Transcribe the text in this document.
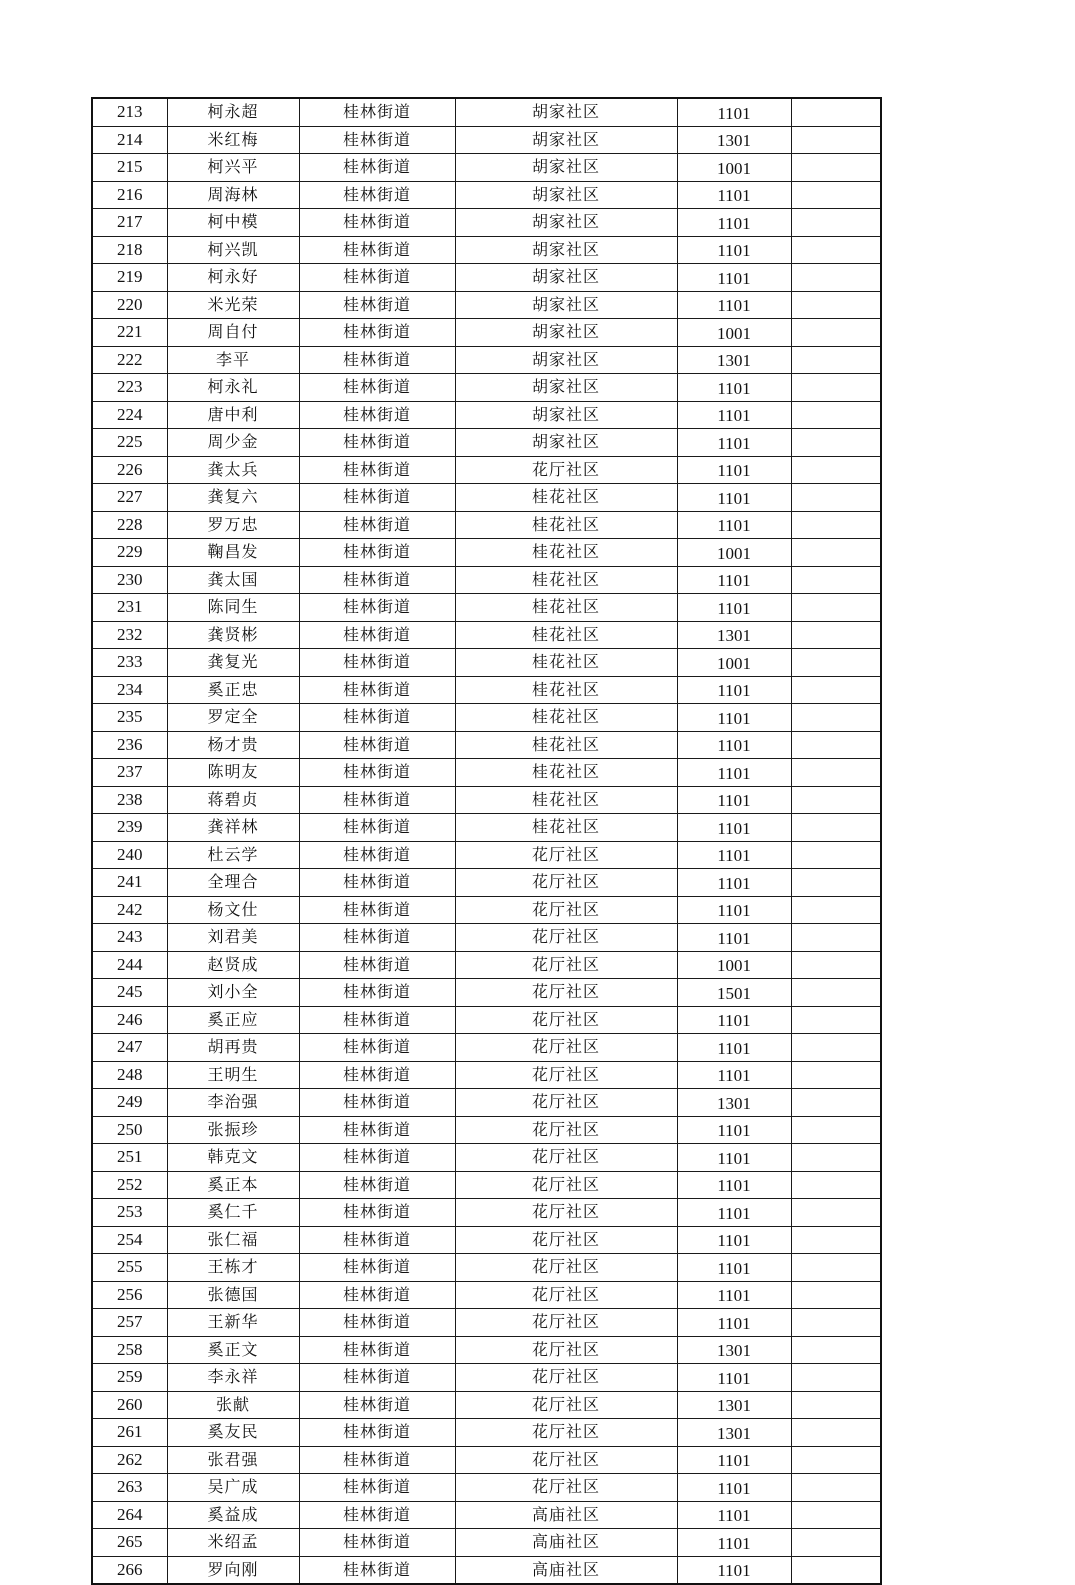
213	柯永超	桂林街道	胡家社区	1101	
214	米红梅	桂林街道	胡家社区	1301	
215	柯兴平	桂林街道	胡家社区	1001	
216	周海林	桂林街道	胡家社区	1101	
217	柯中模	桂林街道	胡家社区	1101	
218	柯兴凯	桂林街道	胡家社区	1101	
219	柯永好	桂林街道	胡家社区	1101	
220	米光荣	桂林街道	胡家社区	1101	
221	周自付	桂林街道	胡家社区	1001	
222	李平	桂林街道	胡家社区	1301	
223	柯永礼	桂林街道	胡家社区	1101	
224	唐中利	桂林街道	胡家社区	1101	
225	周少金	桂林街道	胡家社区	1101	
226	龚太兵	桂林街道	花厅社区	1101	
227	龚复六	桂林街道	桂花社区	1101	
228	罗万忠	桂林街道	桂花社区	1101	
229	鞠昌发	桂林街道	桂花社区	1001	
230	龚太国	桂林街道	桂花社区	1101	
231	陈同生	桂林街道	桂花社区	1101	
232	龚贤彬	桂林街道	桂花社区	1301	
233	龚复光	桂林街道	桂花社区	1001	
234	奚正忠	桂林街道	桂花社区	1101	
235	罗定全	桂林街道	桂花社区	1101	
236	杨才贵	桂林街道	桂花社区	1101	
237	陈明友	桂林街道	桂花社区	1101	
238	蒋碧贞	桂林街道	桂花社区	1101	
239	龚祥林	桂林街道	桂花社区	1101	
240	杜云学	桂林街道	花厅社区	1101	
241	全理合	桂林街道	花厅社区	1101	
242	杨文仕	桂林街道	花厅社区	1101	
243	刘君美	桂林街道	花厅社区	1101	
244	赵贤成	桂林街道	花厅社区	1001	
245	刘小全	桂林街道	花厅社区	1501	
246	奚正应	桂林街道	花厅社区	1101	
247	胡再贵	桂林街道	花厅社区	1101	
248	王明生	桂林街道	花厅社区	1101	
249	李治强	桂林街道	花厅社区	1301	
250	张振珍	桂林街道	花厅社区	1101	
251	韩克文	桂林街道	花厅社区	1101	
252	奚正本	桂林街道	花厅社区	1101	
253	奚仁千	桂林街道	花厅社区	1101	
254	张仁福	桂林街道	花厅社区	1101	
255	王栋才	桂林街道	花厅社区	1101	
256	张德国	桂林街道	花厅社区	1101	
257	王新华	桂林街道	花厅社区	1101	
258	奚正文	桂林街道	花厅社区	1301	
259	李永祥	桂林街道	花厅社区	1101	
260	张献	桂林街道	花厅社区	1301	
261	奚友民	桂林街道	花厅社区	1301	
262	张君强	桂林街道	花厅社区	1101	
263	吴广成	桂林街道	花厅社区	1101	
264	奚益成	桂林街道	高庙社区	1101	
265	米绍孟	桂林街道	高庙社区	1101	
266	罗向刚	桂林街道	高庙社区	1101	
